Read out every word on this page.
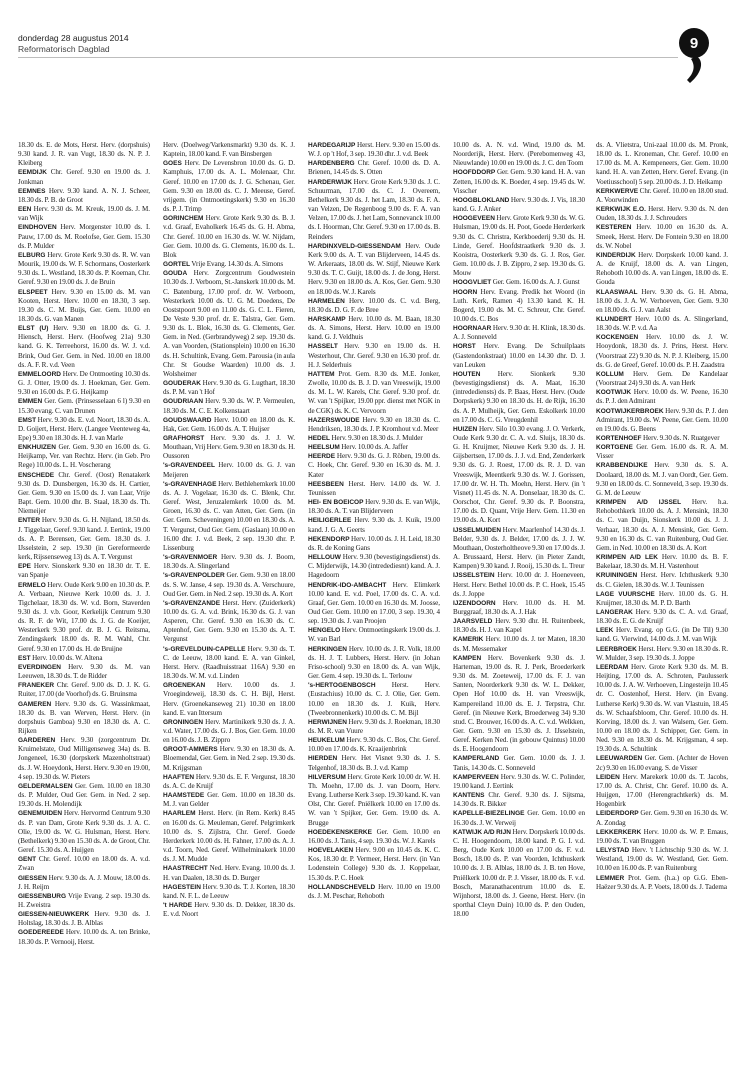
donderdag 28 augustus 2014
Reformatorisch Dagblad	9

18.30 ds. E. de Mots, Herst. Herv. (dorpshuis) 9.30 kand. J. R. van Vugt, 18.30 ds. N. P. J. Kleiberg

EEMDIJK Chr. Geref. 9.30 en 19.00 ds. J. Jonkman

EEMNES Herv. 9.30 kand. A. N. J. Scheer, 18.30 ds. P. B. de Groot

EEN Herv. 9.30 ds. M. Kreuk, 19.00 ds. J. M. van Wijk

EINDHOVEN Herv. Morgenster 10.00 ds. I. Pauw, 17.00 ds. M. Roelofse, Ger. Gem. 15.30 ds. P. Mulder

ELBURG Herv. Grote Kerk 9.30 ds. R. W. van Mourik, 19.00 ds. W. F. Schormans, Oosterkerk 9.30 ds. L. Westland, 18.30 ds. P. Koeman, Chr. Geref. 9.30 en 19.00 ds. J. de Bruin

ELSPEET Herv. 9.30 en 15.00 ds. M. van Kooten, Herst. Herv. 10.00 en 18.30, 3 sep. 19.30 ds. C. M. Buijs, Ger. Gem. 10.00 en 18.30 ds. G. van Manen

ELST (U) Herv. 9.30 en 18.00 ds. G. J. Hiensch, Herst. Herv. (Hoofweg 21a) 9.30 kand. G. K. Terreehorst, 16.00 ds. W. J. v.d. Brink, Oud Ger. Gem. in Ned. 10.00 en 18.00 ds. A. F. R. v.d. Veen

EMMELOORD Herv. De Ontmoeting 10.30 ds. G. J. Otter, 19.00 ds. J. Hoekman, Ger. Gem. 9.30 en 16.00 ds. P. G. Heijkamp

EMMEN Ger. Gem. (Prinsesselaan 6 l) 9.30 en 15.30 evang. C. van Drunen

EMST Herv. 9.30 ds. E. v.d. Noort, 18.30 ds. A. D. Goijert, Herst. Herv. (Langee Veenteweg 4a, Epe) 9.30 en 18.30 ds. H. J. van Marle

ENKHUIZEN Ger. Gem. 9.30 en 16.00 ds. G. Heijkamp, Ver. van Rechtz. Herv. (in Geb. Pro Rege) 10.00 ds. L. H. Voscherang

ENSCHEDE Chr. Geref. (Oost) Renatakerk 9.30 ds. D. Dunsbergen, 16.30 ds. H. Cartier, Ger. Gem. 9.30 en 15.00 ds. J. van Laar, Vrije Bapt. Gem. 10.00 dhr. B. Staal, 18.30 ds. Th. Niemeijer

ENTER Herv. 9.30 ds. G. H. Nijland, 18.50 ds. J. Tiggelaar, Geref. 9.30 kand. J. Eertink, 19.00 ds. A. P. Berensen, Ger. Gem. 18.30 ds. J. IJsselstein, 2 sep. 19.30 (in Gereformeerde kerk, Rijssenseweg 13) ds. A. T. Vergunst

EPE Herv. Sionskerk 9.30 en 18.30 dr. T. E. van Spanje

ERMELO Herv. Oude Kerk 9.00 en 10.30 ds. P. A. Verbaan, Nieuwe Kerk 10.00 ds. J. J. Tigchelaar, 18.30 ds. W. v.d. Born, Staverden 9.30 ds. J. v.b. Goor, Kerkelijk Centrum 9.30 ds. R. F. de Wit, 17.00 ds. J. G. de Koeijer, Westerkerk 9.30 prof. dr. B. J. G. Reitsma, Zendingskerk 18.00 ds. R. M. Wahl, Chr. Geref. 9.30 en 17.00 ds. H. de Bruijne

EST Herv. 10.00 ds. W. Altena

EVERDINGEN Herv. 9.30 ds. M. van Leeuwen, 18.30 ds. T. de Ridder

FRANEKER Chr. Geref. 9.00 ds. D. J. K. G. Ruiter, 17.00 (de Voorhof) ds. G. Bruinsma

GAMEREN Herv. 9.30 ds. G. Wassinkmaat, 18.30 ds. B. van Werven, Herst. Herv. (in dorpshuis Gamboa) 9.30 en 18.30 ds. A. C. Rijken

GARDEREN Herv. 9.30 (zorgcentrum Dr. Kruimelstate, Oud Milligenseweg 34a) ds. B. Jongeneel, 16.30 (dorpskerk Mazenholtstraat) ds. J. W. Hoeydonk, Herst. Herv. 9.30 en 19.00, 4 sep. 19.30 ds. W. Pieters

GELDERMALSEN Ger. Gem. 10.00 en 18.30 ds. P. Mulder, Oud Ger. Gem. in Ned. 2 sep. 19.30 ds. H. Molendijk

GENEMUIDEN Herv. Hervormd Centrum 9.30 ds. P. van Dam, Grote Kerk 9.30 ds. J. A. C. Olie, 19.00 ds. W. G. Hulsman, Herst. Herv. (Bethelkerk) 9.30 en 15.30 ds. A. de Groot, Chr. Geref. 15.30 ds. A. Huijgen

GENT Chr. Geref. 10.00 en 18.00 ds. A. v.d. Zwan

GIESSEN Herv. 9.30 ds. A. J. Mouw, 18.00 ds. J. H. Reijm

GIESSENBURG Vrije Evang. 2 sep. 19.30 ds. H. Zweistra

GIESSEN-NIEUWKERK Herv. 9.30 ds. J. Holtslag, 18.30 ds. J. B. Alblas

GOEDEREEDE Herv. 10.00 ds. A. ten Brinke, 18.30 ds. P. Vernooij, Herst.

Herv. (Doelweg/Varkensmarkt) 9.30 ds. K. J. Kaptein, 18.00 kand. F. van Binsbergen

GOES Herv. De Levensbron 10.00 ds. G. D. Kamphuis, 17.00 ds. A. L. Molenaar, Chr. Geref. 10.00 en 17.00 ds. J. G. Schenau, Ger. Gem. 9.30 en 18.00 ds. C. J. Meeuse, Geref. vrijgem. (in Ontmoetingskerk) 9.30 en 16.30 ds. P. J. Trimp

GORINCHEM Herv. Grote Kerk 9.30 ds. B. J. v.d. Graaf, Evaholkerk 16.45 ds. G. H. Abma, Chr. Geref. 10.00 en 16.30 ds. W. W. Nijdam, Ger. Gem. 10.00 ds. G. Clements, 16.00 ds. L. Blok

GORTEL Vrije Evang. 14.30 ds. A. Simons

GOUDA Herv. Zorgcentrum Goudwestein 10.30 ds. J. Verboom, St.-Janskerk 10.00 ds. M. C. Batenburg, 17.00 prof. dr. W. Verboom, Westerkerk 10.00 ds. U. G. M. Doedens, De Ooststpoort 9.00 en 11.00 ds. G. C. L. Fieren, De Veste 9.30 prof. dr. E. Talstra, Ger. Gem. 9.30 ds. L. Blok, 16.30 ds. G. Clements, Ger. Gem. in Ned. (Gerbrandyweg) 2 sep. 19.30 ds. A. van Voorden, (Stationsplein) 10.00 en 16.30 ds. H. Schultink, Evang. Gem. Parousia (in aula Chr. St Goudse Waarden) 10.00 ds. J. Wolsheimer

GOUDERAK Herv. 9.30 ds. G. Lugthart, 18.30 ds. P. M. van 't Hof

GOUDRIAAN Herv. 9.30 ds. W. P. Vermeulen, 18.30 ds. M. C. E. Kolkenstaart

GOUDSWAARD Herv. 10.00 en 18.00 ds. K. Hak, Ger. Gem. 16.00 ds. A. T. Huijser

GRAFHORST Herv. 9.30 ds. J. J. W. Mouthaan, Vrij Herv. Gem. 9.30 en 18.30 ds. H. Oussoren

's-GRAVENDEEL Herv. 10.00 ds. G. J. van Meijeren

's-GRAVENHAGE Herv. Bethlehemkerk 10.00 ds. A. J. Vogelaar, 16.30 ds. C. Blenk, Chr. Geref. West, Jeruzalemkerk 10.00 ds. M. Groen, 16.30 ds. C. van Atten, Ger. Gem. (in Ger. Gem. Scheveningen) 10.00 en 18.30 ds. A. T. Vergunst, Oud Ger. Gem. (Gaslaan) 10.00 en 16.00 dhr. J. v.d. Beek, 2 sep. 19.30 dhr. P. Lissenburg

's-GRAVENMOER Herv. 9.30 ds. J. Boom, 18.30 ds. A. Slingerland

's-GRAVENPOLDER Ger. Gem. 9.30 en 18.00 ds. S. W. Janse, 4 sep. 19.30 ds. A. Verschuure, Oud Ger. Gem. in Ned. 2 sep. 19.30 ds. A. Kort

's-GRAVENZANDE Herst. Herv. (Zuiderkerk) 10.00 ds. G. A. v.d. Brink, 16.30 ds. G. J. van Asperen, Chr. Geref. 9.30 en 16.30 ds. C. Aptenhof, Ger. Gem. 9.30 en 15.30 ds. A. T. Vergunst

's-GREVELDUIN-CAPELLE Herv. 9.30 ds. T. C. de Leeuw, 18.00 kand. E. A. van Ginkel, Herst. Herv. (Raadhuisstraat 116A) 9.30 en 18.30 ds. W. M. v.d. Linden

GROENEKAN Herv. 10.00 ds. J. Vroegindeweij, 18.30 ds. C. H. Bijl, Herst. Herv. (Groenekanseweg 21) 10.30 en 18.00 kand. E. van Ittersum

GRONINGEN Herv. Martinikerk 9.30 ds. J. A. v.d. Water, 17.00 ds. G. J. Bos, Ger. Gem. 10.00 en 16.00 ds. J. B. Zippro

GROOT-AMMERS Herv. 9.30 en 18.30 ds. A. Bloemendal, Ger. Gem. in Ned. 2 sep. 19.30 ds. M. Krijgsman

HAAFTEN Herv. 9.30 ds. E. F. Vergunst, 18.30 ds. A. C. de Kruijf

HAAMSTEDE Ger. Gem. 10.00 en 18.30 ds. M. J. van Gelder

HAARLEM Herst. Herv. (in Rem. Kerk) 8.45 en 16.00 ds. G. Meuleman, Geref. Pelgrimkerk 10.00 ds. S. Zijlstra, Chr. Geref. Goede Herderkerk 10.00 ds. H. Fahner, 17.00 ds. A. J. v.d. Toorn, Ned. Geref. Wilhelminakerk 10.00 ds. J. M. Mudde

HAASTRECHT Ned. Herv. Evang. 10.00 ds. J. H. van Daalen, 18.30 ds. D. Burger

HAGESTEIN Herv. 9.30 ds. T. J. Korten, 18.30 kand. N. F. L. de Leeuw

't HARDE Herv. 9.30 ds. D. Dekker, 18.30 ds. E. v.d. Noort

HARDEGARIJP Herst. Herv. 9.30 en 15.00 ds. W. J. op 't Hof, 3 sep. 19.30 dhr. J. v.d. Beek

HARDENBERG Chr. Geref. 10.00 ds. D. A. Brienen, 14.45 ds. S. Otten

HARDERWIJK Herv. Grote Kerk 9.30 ds. J. C. Schuurman, 17.00 ds. C. J. Overeem, Bethelkerk 9.30 ds. J. het Lam, 18.30 ds. F. A. van Velzen, De Regenboog 9.00 ds. F. A. van Velzen, 17.00 ds. J. het Lam, Sonnevanck 10.00 ds. I. Hoorman, Chr. Geref. 9.30 en 17.00 ds. B. Reinders

HARDINXVELD-GIESSENDAM Herv. Oude Kerk 9.00 ds. A. T. van Blijderveen, 14.45 ds. W. Arkeraats, 18.00 ds. W. Stijf, Nieuwe Kerk 9.30 ds. T. C. Guijt, 18.00 ds. J. de Jong, Herst. Herv. 9.30 en 18.00 ds. A. Kos, Ger. Gem. 9.30 en 18.00 ds. W. J. Karels

HARMELEN Herv. 10.00 ds. C. v.d. Berg, 18.30 ds. D. G. F. de Bree

HARSKAMP Herv. 10.00 ds. M. Baan, 18.30 ds. A. Simons, Herst. Herv. 10.00 en 19.00 kand. G. J. Veldhuis

HASSELT Herv. 9.30 en 19.00 ds. H. Westerhout, Chr. Geref. 9.30 en 16.30 prof. dr. H. J. Selderhuis

HATTEM Prot. Gem. 8.30 ds. M.E. Jonker, Zwolle, 10.00 ds. B. J. D. van Vreeswijk, 19.00 ds. M. L. W. Karels, Chr. Geref. 9.30 prof. dr. W. van 't Spijker, 19.00 ppr. dienst met NGK in de CGK) ds. K. C. Vervoorn

HAZERSWOUDE Herv. 9.30 en 18.30 ds. C. Hendriksen, 18.30 ds. J. P. Kromhout v.d. Meer

HEDEL Herv. 9.30 en 18.30 ds. J. Mulder

HEELSUM Herv. 10.00 ds. A. Jaffer

HEERDE Herv. 9.30 ds. G. J. Röben, 19.00 ds. C. Hoek, Chr. Geref. 9.30 en 16.30 ds. M. J. Kater

HEESBEEN Herst. Herv. 14.00 ds. W. J. Teunissen

HEI- EN BOEICOP Herv. 9.30 ds. E. van Wijk, 18.30 ds. A. T. van Blijderveen

HEILIGERLEE Herv. 9.30 ds. J. Kuik, 19.00 kand. J. G. A. Geerts

HEKENDORP Herv. 10.00 ds. J. H. Leid, 18.30 ds. R. de Koning Gans

HELLOUW Herv. 9.30 (bevestigingsdienst) ds. C. Mijderwijk, 14.30 (intredediesnt) kand. A. J. Hagedoorn

HENDRIK-IDO-AMBACHT Herv. Elimkerk 10.00 kand. E. v.d. Poel, 17.00 ds. C. A. v.d. Graaf, Ger. Gem. 10.00 en 16.30 ds. M. Joosse, Oud Ger. Gem. 10.00 en 17.00, 3 sep. 19.30, 4 sep. 19.30 ds. J. van Proojen

HENGELO Herv. Ontmoetingskerk 19.00 ds. J. W. van Barl

HERKINGEN Herv. 10.00 ds. J. R. Volk, 18.00 ds. H. J. T. Lubbers, Herst. Herv. (in Johan Friso-school) 9.30 en 18.00 ds. A. van Wijk, Ger. Gem. 4 sep. 19.30 ds. L. Terlouw

's-HERTOGENBOSCH Herst. Herv. (Eustachius) 10.00 ds. C. J. Olie, Ger. Gem. 10.00 en 18.30 ds. J. Kuik, Herv. (Tweebronnenkerk) 10.00 ds. C. M. Bijl

HERWIJNEN Herv. 9.30 ds. J. Roekman, 18.30 ds. M. R. van Vuure

HEUKELUM Herv. 9.30 ds. C. Bos, Chr. Geref. 10.00 en 17.00 ds. K. Kraaijenbrink

HIERDEN Herv. Het Visnet 9.30 ds. J. S. Telgenhof, 18.30 ds. B. J. v.d. Kamp

HILVERSUM Herv. Grote Kerk 10.00 dr. W. H. Th. Moehn, 17.00 ds. J. van Doorn, Herv. Evang. Lutherse Kerk 3 sep. 19.30 kand. K. van Olst, Chr. Geref. Pniëlkerk 10.00 en 17.00 ds. W. van 't Spijker, Ger. Gem. 19.00 ds. A. Brugge

HOEDEKENSKERKE Ger. Gem. 10.00 en 16.00 ds. J. Tanis, 4 sep. 19.30 ds. W. J. Karels

HOEVELAKEN Herv. 9.00 en 10.45 ds. K. C. Kos, 18.30 dr. P. Vermeer, Herst. Herv. (in Van Lodenstein College) 9.30 ds. J. Koppelaar, 15.30 ds. P. C. Hoek

HOLLANDSCHEVELD Herv. 10.00 en 19.00 ds. J. M. Peschar, Rehoboth

10.00 ds. A. N. v.d. Wind, 19.00 ds. M. Noorderijk, Herst. Herv. (Perebomenweg 43, Nieuwlande) 10.00 en 19.00 ds. J. C. den Toom

HOOFDDORP Ger. Gem. 9.30 kand. H. A. van Zetten, 16.00 ds. K. Boeder, 4 sep. 19.45 ds. W. Visscher

HOOGBLOKLAND Herv. 9.30 ds. J. Vis, 18.30 kand. G. J. Anker

HOOGEVEEN Herv. Grote Kerk 9.30 ds. W. G. Hulsman, 19.00 ds. H. Poot, Goede Herderkerk 9.30 ds. C. Christra, Kerkboederij 9.30 ds. H. Linde, Geref. Hoofdstraatkerk 9.30 ds. J. Kooistra, Oosterkerk 9.30 ds. G. J. Ros, Ger. Gem. 10.00 ds. J. B. Zippro, 2 sep. 19.30 ds. G. Mouw

HOOGVLIET Ger. Gem. 16.00 ds. A. J. Gunst

HOORN Herv. Evang. Predik het Woord (in Luth. Kerk, Ramen 4) 13.30 kand. K. H. Bogerd, 19.00 ds. M. C. Schreur, Chr. Geref. 10.00 ds. C. Bos

HOORNAAR Herv. 9.30 dr. H. Klink, 18.30 ds. A. J. Sonneveld

HORST Herv. Evang. De Schuilplaats (Gastendonkstraat) 10.00 en 14.30 dhr. D. J. van Leuken

HOUTEN Herv. Sionkerk 9.30 (bevestigingsdienst) ds. A. Maat, 16.30 (intredediensts) ds. P. Baas, Herst. Herv. (Oude Dorpskerk) 9.30 en 18.30 ds. H. de Rijk, 16.30 ds. A. P. Mulheijk, Ger. Gem. Eskolkerk 10.00 en 17.00 ds. C. G. Vreugdenhil

HUIZEN Herv. Silo 10.30 evang. J. O. Verkerk, Oude Kerk 9.30 dr. C. A. v.d. Sluijs, 18.30 ds. G. H. Kruijmer, Nieuwe Kerk 9.30 ds. J. H. Gijsbertsen, 17.00 ds. J. J. v.d. End, Zenderkerk 9.30 ds. G. J. Roest, 17.00 ds. R. J. D. van Vreeswijk, Meentkerk 9.30 ds. W. J. Gorissen, 17.00 dr. W. H. Th. Moehn, Herst. Herv. (in 't Visnet) 11.45 ds. N. A. Donselaar, 18.30 ds. C. Oorschot, Chr. Geref. 9.30 ds. P. Boonstra, 17.00 ds. D. Quant, Vrije Herv. Gem. 11.30 en 19.00 ds. A. Kort

IJSSELMUIDEN Herv. Maarlenhof 14.30 ds. J. Belder, 9.30 ds. J. Belder, 17.00 ds. J. J. W. Mouthaan, Oosterholtheove 9.30 en 17.00 ds. J. A. Brussaard, Herst. Herv. (in Pieter Zandt, Kampen) 9.30 kand. J. Rooij, 15.30 ds. L. Treur

IJSSELSTEIN Herv. 10.00 dr. J. Hoeneveen, Herst. Herv. Bethel 10.00 ds. P. C. Hoek, 15.45 ds. J. Joppe

IJZENDOORN Herv. 10.00 ds. H. M. Burggraaf, 18.30 ds. A. J. Hak

JAARSVELD Herv. 9.30 dhr. H. Ruitenbeek, 18.30 ds. H. J. van Kapel

KAMERIK Herv. 10.00 ds. J. ter Maten, 18.30 ds. M. Messemaker

KAMPEN Herv. Bovenkerk 9.30 ds. J. Harteman, 19.00 ds. R. J. Perk, Broederkerk 9.30 ds. M. Zoeteweij, 17.00 ds. F. J. van Santen, Noorderkerk 9.30 ds. W. L. Dekker, Open Hof 10.00 ds. H. van Vreeswijk, Kampereiland 10.00 ds. E. J. Terpstra, Chr. Geref. (in Nieuwe Kerk, Broederweg 34) 9.30 stud. C. Brouwer, 16.00 ds. A. C. v.d. Welkken, Ger. Gem. 9.30 en 15.30 ds. J. IJsselstein, Geref. Kerken Ned. (in gebouw Quintus) 10.00 ds. E. Hoogendoorn

KAMPERLAND Ger. Gem. 10.00 ds. J. J. Tanis, 14.30 ds. C. Sonneveld

KAMPERVEEN Herv. 9.30 ds. W. C. Polinder, 19.00 kand. J. Eertink

KANTENS Chr. Geref. 9.30 ds. J. Sijtsma, 14.30 ds. R. Bikker

KAPELLE-BIEZELINGE Ger. Gem. 10.00 en 16.30 ds. J. W. Verweij

KATWIJK A/D RIJN Herv. Dorpskerk 10.00 ds. C. H. Hoogendoorn, 18.00 kand. P. G. I. v.d. Berg, Oude Kerk 10.00 en 17.00 ds. F. v.d. Bosch, 18.00 ds. P. van Voorden, Ichthuskerk 10.00 ds. J. B. Alblas, 18.00 ds. J. B. ten Hove, Pniëlkerk 10.00 dr. P. J. Visser, 18.00 ds. F. v.d. Bosch, Maranathacentrum 10.00 ds. E. Wijnhorst, 18.00 ds. J. Geene, Herst. Herv. (in sporthal Cleyn Duin) 10.00 ds. P. den Ouden, 18.00

ds. A. Vlietstra, Uni-zaal 10.00 ds. M. Pronk, 18.00 ds. L. Kroneman, Chr. Geref. 10.00 en 17.00 ds. M. A. Kempeneers, Ger. Gem. 10.00 kand. H. A. van Zetten, Herv. Geref. Evang. (in Voetiusschool) 5 sep. 20.00 ds. J. D. Heikamp

KERKWERVE Chr. Geref. 10.00 en 18.00 stud. A. Voorwinden

KERKWIJK E.O. Herst. Herv. 9.30 ds. N. den Ouden, 18.30 ds. J. J. Schreuders

KESTEREN Herv. 10.00 en 16.30 ds. A. Smeek, Herst. Herv. De Fontein 9.30 en 18.00 ds. W. Nobel

KINDERDIJK Herv. Dorpskerk 10.00 kand. J. A. de Kruijf, 18.00 ds. A. van Lingen, Rehoboth 10.00 ds. A. van Lingen, 18.00 ds. E. Gouda

KLAASWAAL Herv. 9.30 ds. G. H. Abma, 18.00 ds. J. A. W. Verhoeven, Ger. Gem. 9.30 en 18.00 ds. G. J. van Aalst

KLUNDERT Herv. 10.00 ds. A. Slingerland, 18.30 ds. W. P. v.d. Aa

KOCKENGEN Herv. 10.00 ds. J. W. Hooydonk, 18.30 ds. J. Prins, Herst. Herv. (Voorstraat 22) 9.30 ds. N. P. J. Kleiberg, 15.00 ds. G. de Greef, Geref. 10.00 ds. P. H. Zaadstra

KOLLUM Herv. Gem. De Kandelaar (Voorstraat 24) 9.30 ds. A. van Herk

KOOTWIJK Herv. 10.00 ds. W. Peene, 16.30 ds. P. J. den Admirant

KOOTWIJKERBROEK Herv. 9.30 ds. P. J. den Admirant, 19.00 ds. W. Peene, Ger. Gem. 10.00 en 19.00 ds. G. Beens

KORTENHOEF Herv. 9.30 ds. N. Ruatgever

KORTGENE Ger. Gem. 16.00 ds. R. A. M. Visser

KRABBENDIJKE Herv. 9.30 ds. S. A. Doolaard, 18.00 ds. M. J. van Oordt, Ger. Gem. 9.30 en 18.00 ds. C. Sonneveld, 3 sep. 19.30 ds. G. M. de Leeuw

KRIMPEN A/D IJSSEL Herv. h.a. Rehobothkerk 10.00 ds. A. J. Mensink, 18.30 ds. C. van Duijn, Sionskerk 10.00 ds. J. J. Verhaar, 18.30 ds. A. J. Mensink, Ger. Gem. 9.30 en 16.30 ds. C. van Ruitenburg, Oud Ger. Gem. in Ned. 10.00 en 18.30 ds. A. Kort

KRIMPEN A/D LEK Herv. 10.00 ds. B. F. Bakelaar, 18.30 ds. M. H. Vastenhout

KRUININGEN Herst. Herv. Ichthuskerk 9.30 ds. C. Gielen, 18.30 ds. W. J. Teunissen

LAGE VUURSCHE Herv. 10.00 ds. G. H. Kruijmer, 18.30 ds. M. P. D. Barth

LANGERAK Herv. 9.30 ds. C. A. v.d. Graaf, 18.30 ds. E. G. de Kruijf

LEEK Herv. Evang. op G.G. (in De Til) 9.30 kand. G. Vierwind, 14.00 ds. J. M. van Wijk

LEERBROEK Herst. Herv. 9.30 en 18.30 ds. R. W. Mulder, 3 sep. 19.30 ds. J. Joppe

LEERDAM Herv. Grote Kerk 9.30 ds. M. B. Heijting, 17.00 ds. A. Schroten, Paulusserk 10.00 ds. J. A. W. Verhoeven, Lingesteijn 10.45 dr. C. Oostenhof, Herst. Herv. (in Evang. Lutherse Kerk) 9.30 ds. W. van Vlastuin, 18.45 ds. W. Schaafsbloom, Chr. Geref. 10.00 ds. H. Korving, 18.00 ds. J. van Walsem, Ger. Gem. 10.00 en 18.00 ds. J. Schipper, Ger. Gem. in Ned. 9.30 en 18.30 ds. M. Krijgsman, 4 sep. 19.30 ds. A. Schultink

LEEUWARDEN Ger. Gem. (Achter de Hoven 2c) 9.30 en 16.00 evang. S. de Visser

LEIDEN Herv. Marekerk 10.00 ds. T. Jacobs, 17.00 ds. A. Christ, Chr. Geref. 10.00 ds. A. Huijgen, 17.00 (Herengrachtkerk) ds. M. Hogenbirk

LEIDERDORP Ger. Gem. 9.30 en 16.30 ds. W. A. Zondag

LEKKERKERK Herv. 10.00 ds. W. P. Emaus, 19.00 ds. T. van Bruggen

LELYSTAD Herv. 't Lichtschip 9.30 ds. W. J. Westland, 19.00 ds. W. Westland, Ger. Gem. 10.00 en 16.00 ds. P. van Ruitenburg

LEMMER Prot. Gem. (h.a.) op G.G. Eben-Haëzer 9.30 ds. A. P. Voets, 18.00 ds. J. Tadema
